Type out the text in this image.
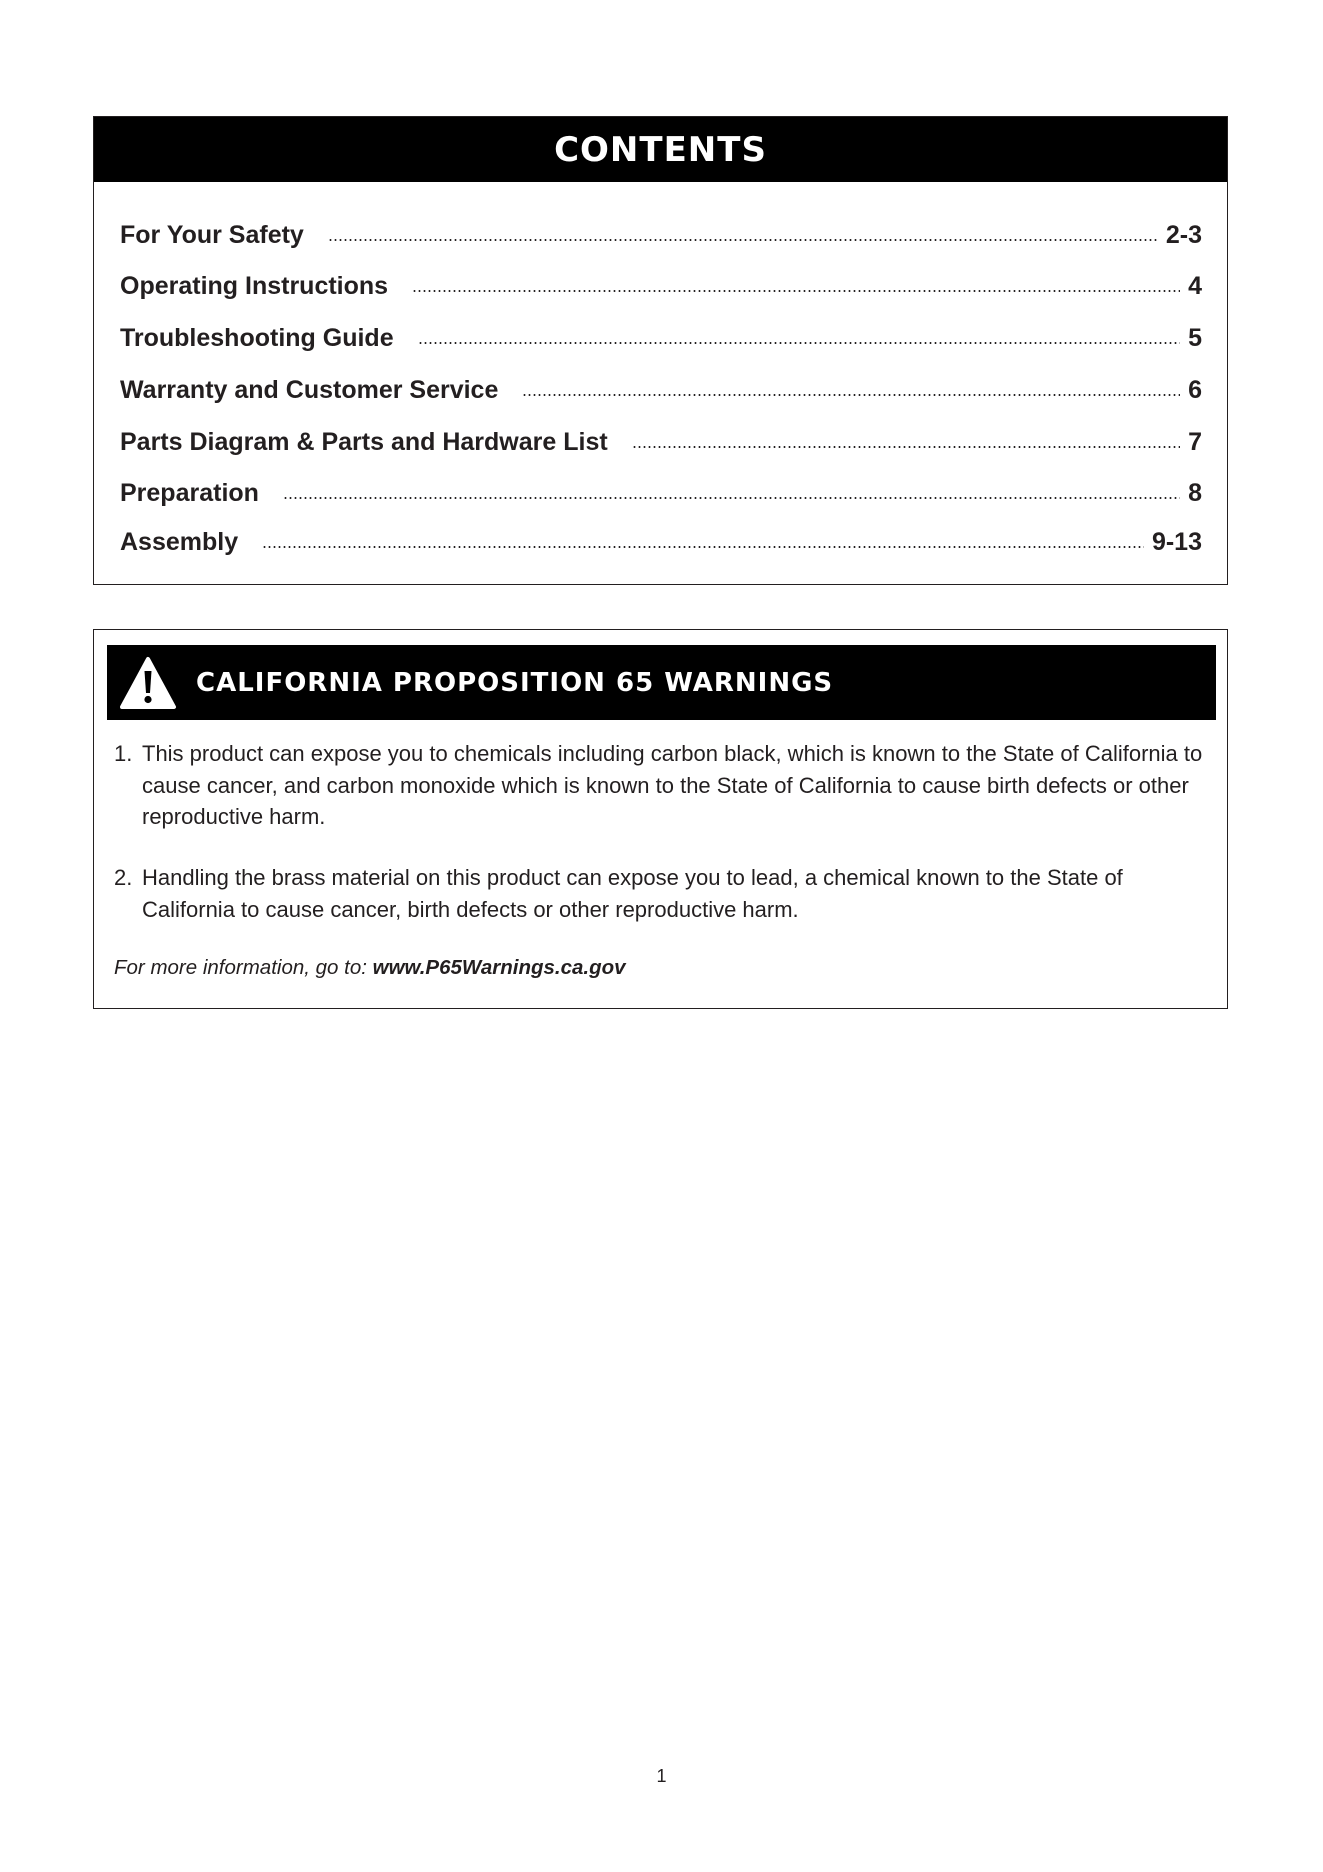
CONTENTS
For Your Safety	2-3
Operating Instructions	4
Troubleshooting Guide	5
Warranty and Customer Service	6
Parts Diagram & Parts and Hardware List	7
Preparation	8
Assembly	9-13
CALIFORNIA PROPOSITION 65 WARNINGS
1. This product can expose you to chemicals including carbon black, which is known to the State of California to cause cancer, and carbon monoxide which is known to the State of California to cause birth defects or other reproductive harm.
2. Handling the brass material on this product can expose you to lead, a chemical known to the State of California to cause cancer, birth defects or other reproductive harm.
For more information, go to: www.P65Warnings.ca.gov
1
